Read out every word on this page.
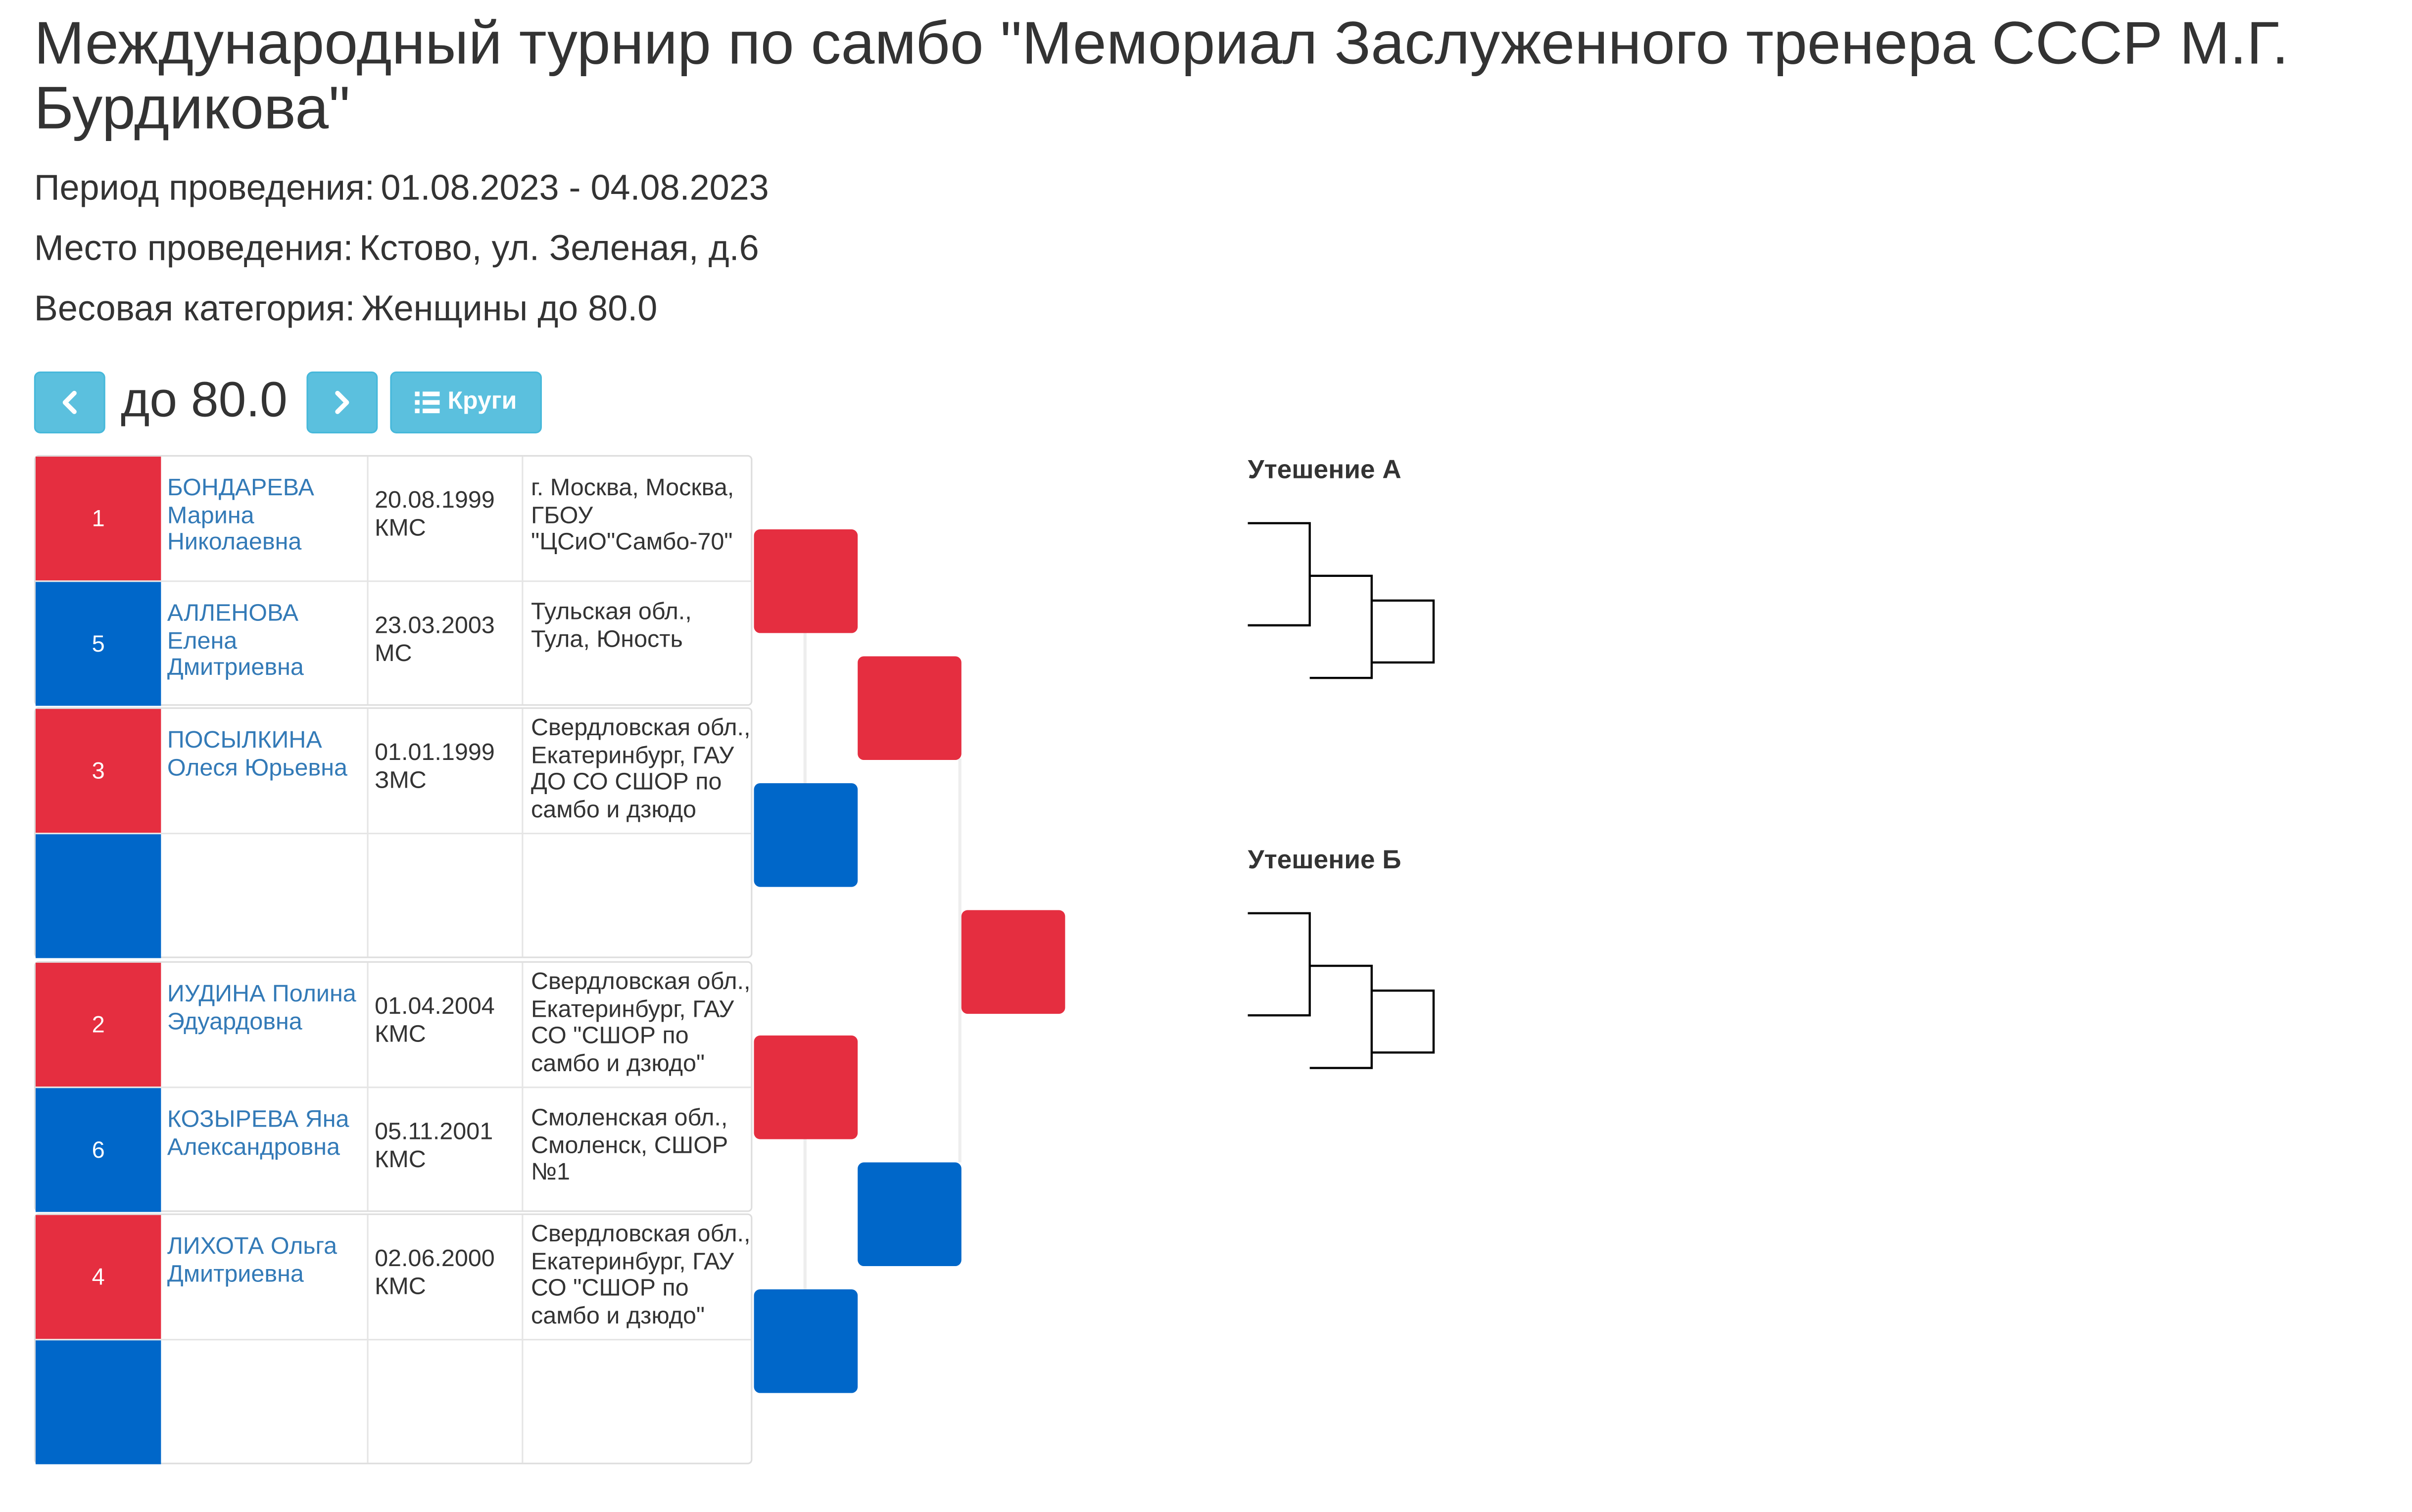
Международный турнир по самбо "Мемориал Заслуженного тренера СССР М.Г. Бурдикова"
Период проведения: 01.08.2023 - 04.08.2023
Место проведения: Кстово, ул. Зеленая, д.6
Весовая категория: Женщины до 80.0
до 80.0	Круги
1
БОНДАРЕВА Марина Николаевна
20.08.1999
КМС
5
АЛЛЕНОВА Елена Дмитриевна
23.03.2003
МС
г. Москва, Москва, ГБОУ "ЦСиО"Самбо-70"
Тульская обл., Тула, Юность
3
ПОСЫЛКИНА Олеся Юрьевна
01.01.1999
ЗМС
Свердловская обл., Екатеринбург, ГАУ ДО СО СШОР по самбо и дзюдо
2
ИУДИНА Полина Эдуардовна
01.04.2004
КМС
6
КОЗЫРЕВА Яна Александровна
05.11.2001
КМС
Свердловская обл., Екатеринбург, ГАУ СО "СШОР по самбо и дзюдо"
Смоленская обл., Смоленск, СШОР №1
4
ЛИХОТА Ольга Дмитриевна
02.06.2000
КМС
Свердловская обл., Екатеринбург, ГАУ СО "СШОР по самбо и дзюдо"
Утешение А
Утешение Б
